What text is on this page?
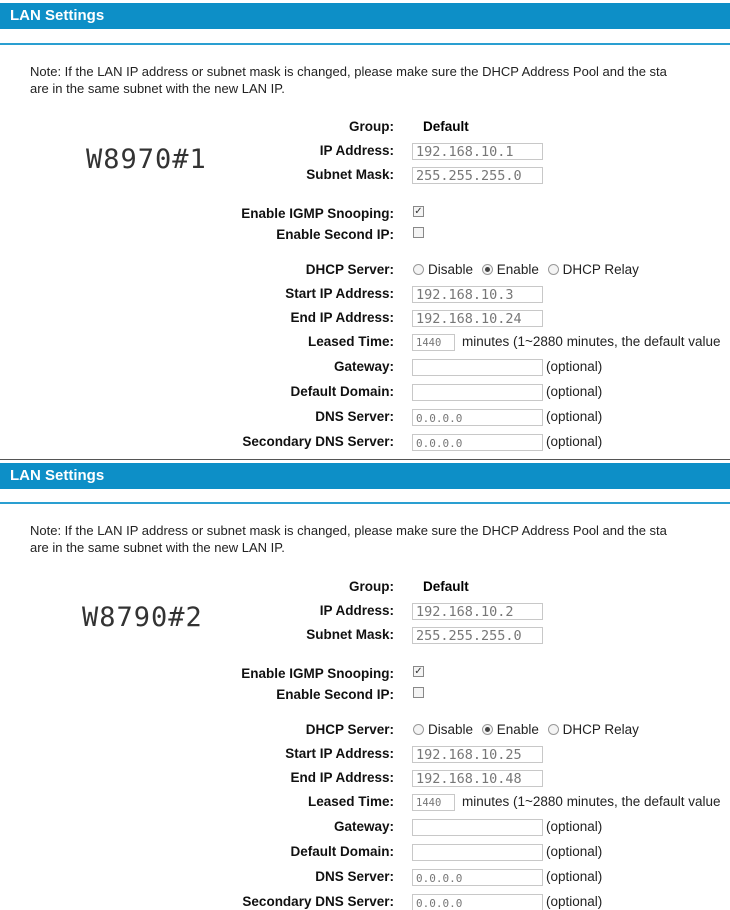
LAN Settings
Note: If the LAN IP address or subnet mask is changed, please make sure the DHCP Address Pool and the sta
are in the same subnet with the new LAN IP.
W8970#1
Group: Default
IP Address: 192.168.10.1
Subnet Mask: 255.255.255.0
Enable IGMP Snooping: ✓
Enable Second IP:
DHCP Server:	Disable Enable DHCP Relay
Start IP Address: 192.168.10.3
End IP Address: 192.168.10.24
Leased Time:	1440	minutes (1~2880 minutes, the default value
Gateway:	(optional)
Default Domain:	(optional)
DNS Server:	0.0.0.0	(optional)
Secondary DNS Server:	0.0.0.0	(optional)
LAN Settings
Note: If the LAN IP address or subnet mask is changed, please make sure the DHCP Address Pool and the sta
are in the same subnet with the new LAN IP.
W8790#2
Group: Default
IP Address: 192.168.10.2
Subnet Mask: 255.255.255.0
Enable IGMP Snooping: ✓
Enable Second IP:
DHCP Server:	Disable Enable DHCP Relay
Start IP Address: 192.168.10.25
End IP Address: 192.168.10.48
Leased Time:	1440	minutes (1~2880 minutes, the default value
Gateway:	(optional)
Default Domain:	(optional)
DNS Server:	0.0.0.0	(optional)
Secondary DNS Server:	0.0.0.0	(optional)
